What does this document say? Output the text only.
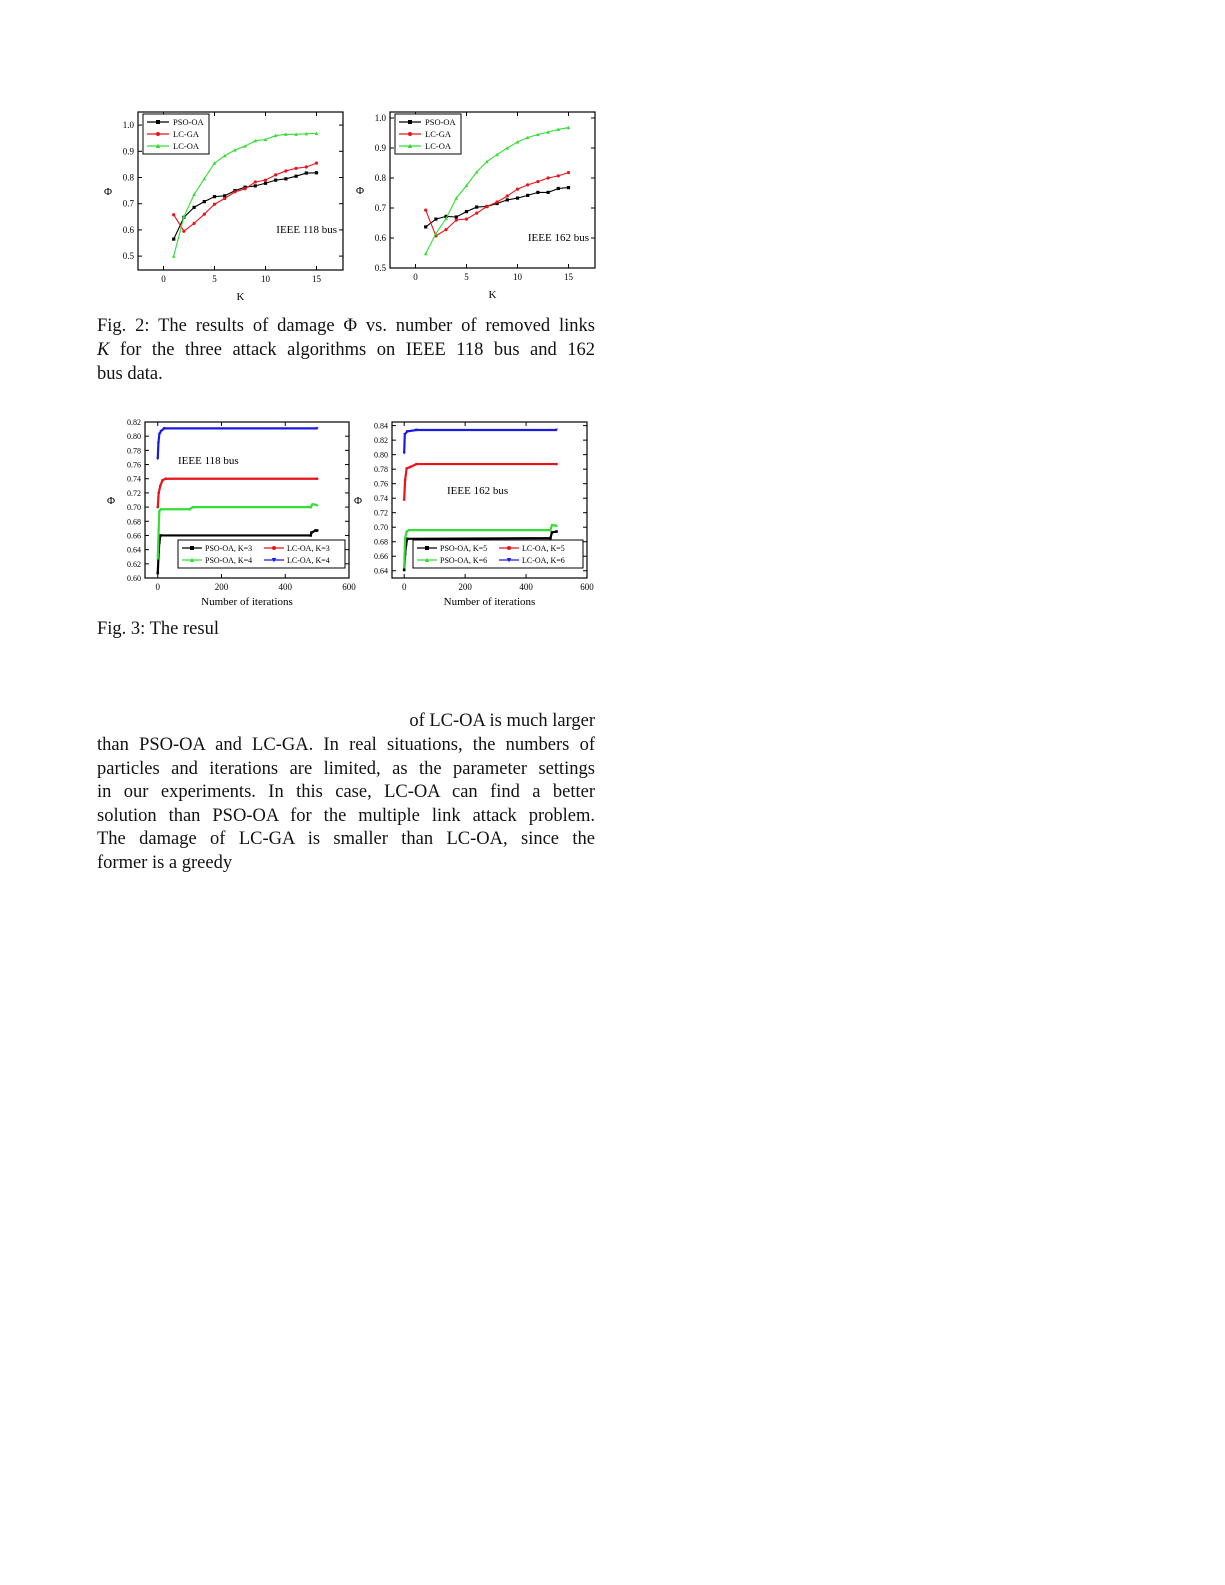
0	5	10	15
0.5
0.6
0.7
0.8
0.9
1.0
K
Φ
IEEE 118 bus
PSO-OA
LC-GA
LC-OA
0	5	10	15
0.5
0.6
0.7
0.8
0.9
1.0
K
Φ
IEEE 162 bus
PSO-OA
LC-GA
LC-OA
0	200	400	600
0.60
0.62
0.64
0.66
0.68
0.70
0.72
0.74
0.76
0.78
0.80
0.82
Number of iterations
Φ
IEEE 118 bus
PSO-OA, K=3	LC-OA, K=3
PSO-OA, K=4	LC-OA, K=4
0	200	400	600
0.64
0.66
0.68
0.70
0.72
0.74
0.76
0.78
0.80
0.82
0.84
Number of iterations
Φ
IEEE 162 bus
PSO-OA, K=5	LC-OA, K=5
PSO-OA, K=6	LC-OA, K=6
Fig. 2: The results of damage Φ vs. number of removed links
K for the three attack algorithms on IEEE 118 bus and 162
bus data.
Fig. 3: The resul
of LC-OA is much larger
than PSO-OA and LC-GA. In real situations, the numbers of
particles and iterations are limited, as the parameter settings
in our experiments. In this case, LC-OA can find a better
solution than PSO-OA for the multiple link attack problem.
The damage of LC-GA is smaller than LC-OA, since the
former is a greedy
